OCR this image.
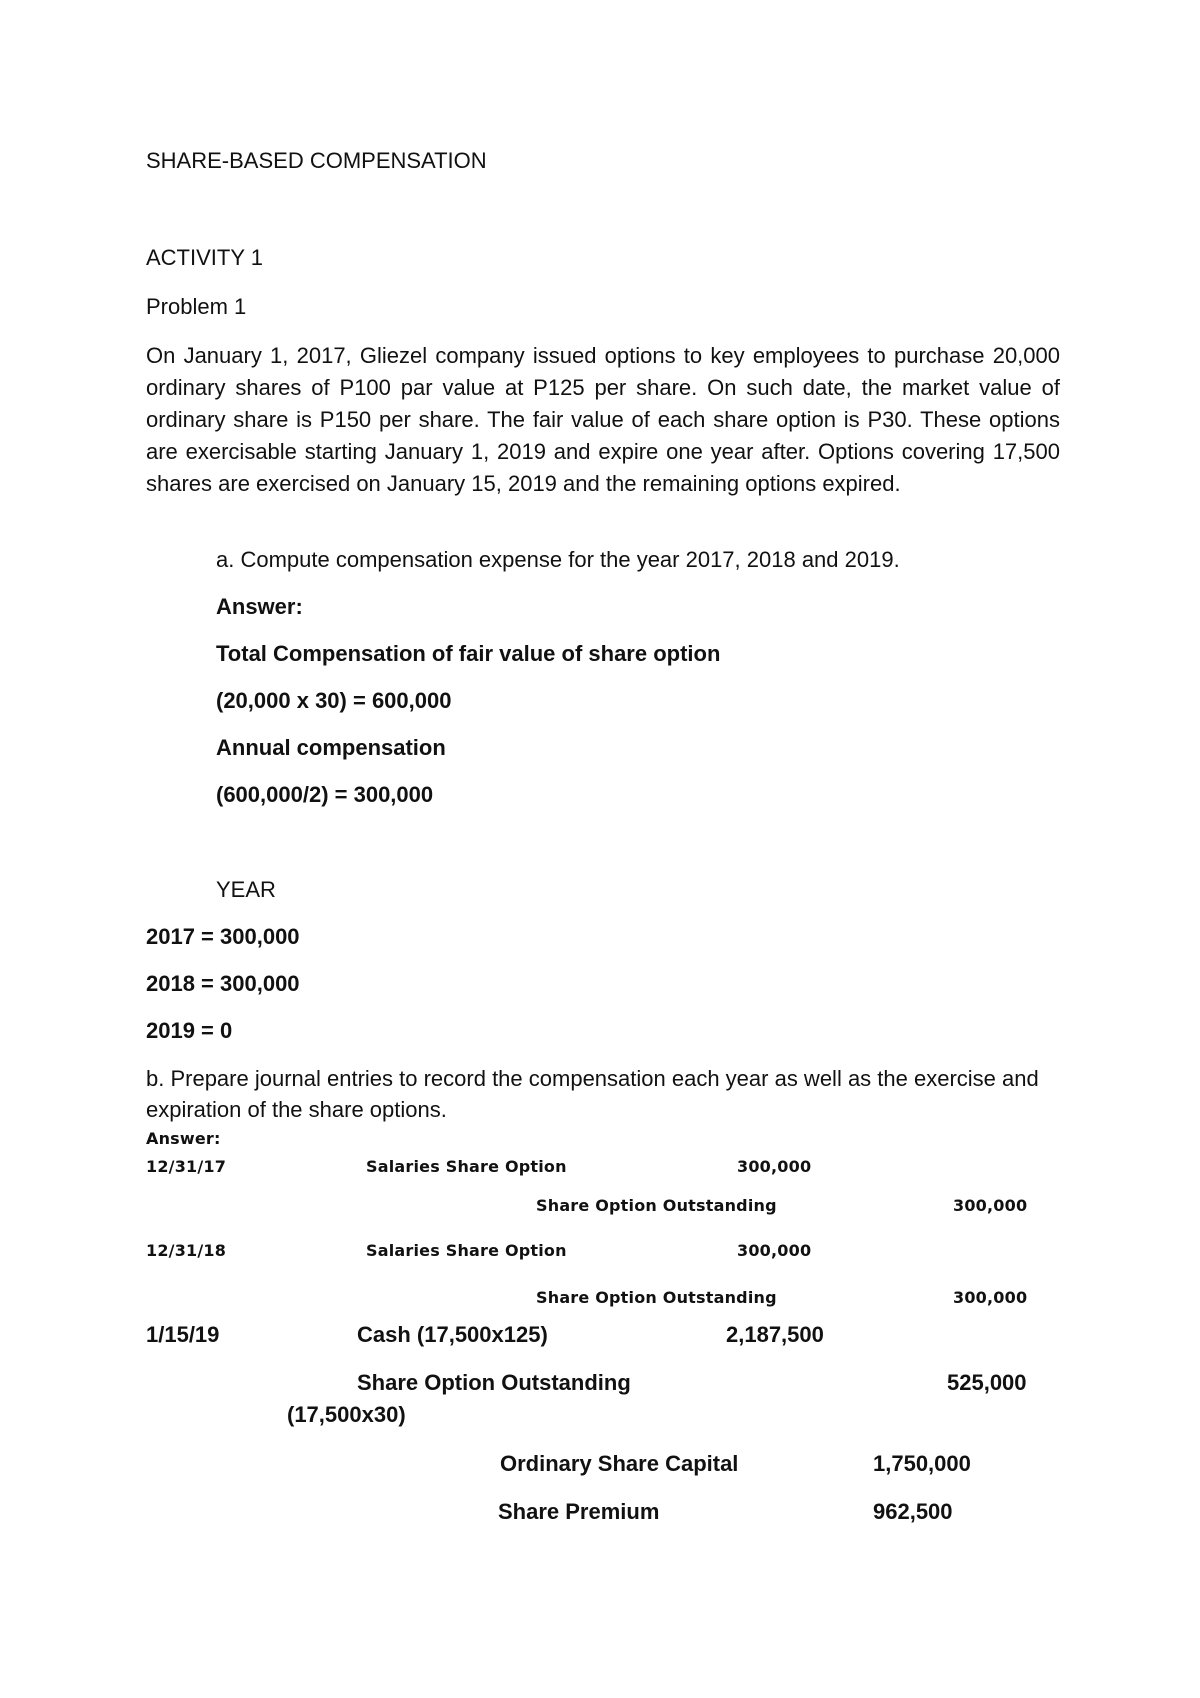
SHARE-BASED COMPENSATION
ACTIVITY 1
Problem 1
On January 1, 2017, Gliezel company issued options to key employees to purchase 20,000 ordinary shares of P100 par value at P125 per share. On such date, the market value of ordinary share is P150 per share. The fair value of each share option is P30. These options are exercisable starting January 1, 2019 and expire one year after. Options covering 17,500 shares are exercised on January 15, 2019 and the remaining options expired.
a. Compute compensation expense for the year 2017, 2018 and 2019.
Answer:
Total Compensation of fair value of share option
(20,000 x 30) = 600,000
Annual compensation
(600,000/2) = 300,000
YEAR
2017 = 300,000
2018 = 300,000
2019 = 0
b. Prepare journal entries to record the compensation each year as well as the exercise and expiration of the share options.
Answer:
12/31/17	Salaries Share Option	300,000
Share Option Outstanding	300,000
12/31/18	Salaries Share Option	300,000
Share Option Outstanding	300,000
1/15/19	Cash (17,500x125)	2,187,500
Share Option Outstanding	525,000
(17,500x30)
Ordinary Share Capital	1,750,000
Share Premium	962,500
